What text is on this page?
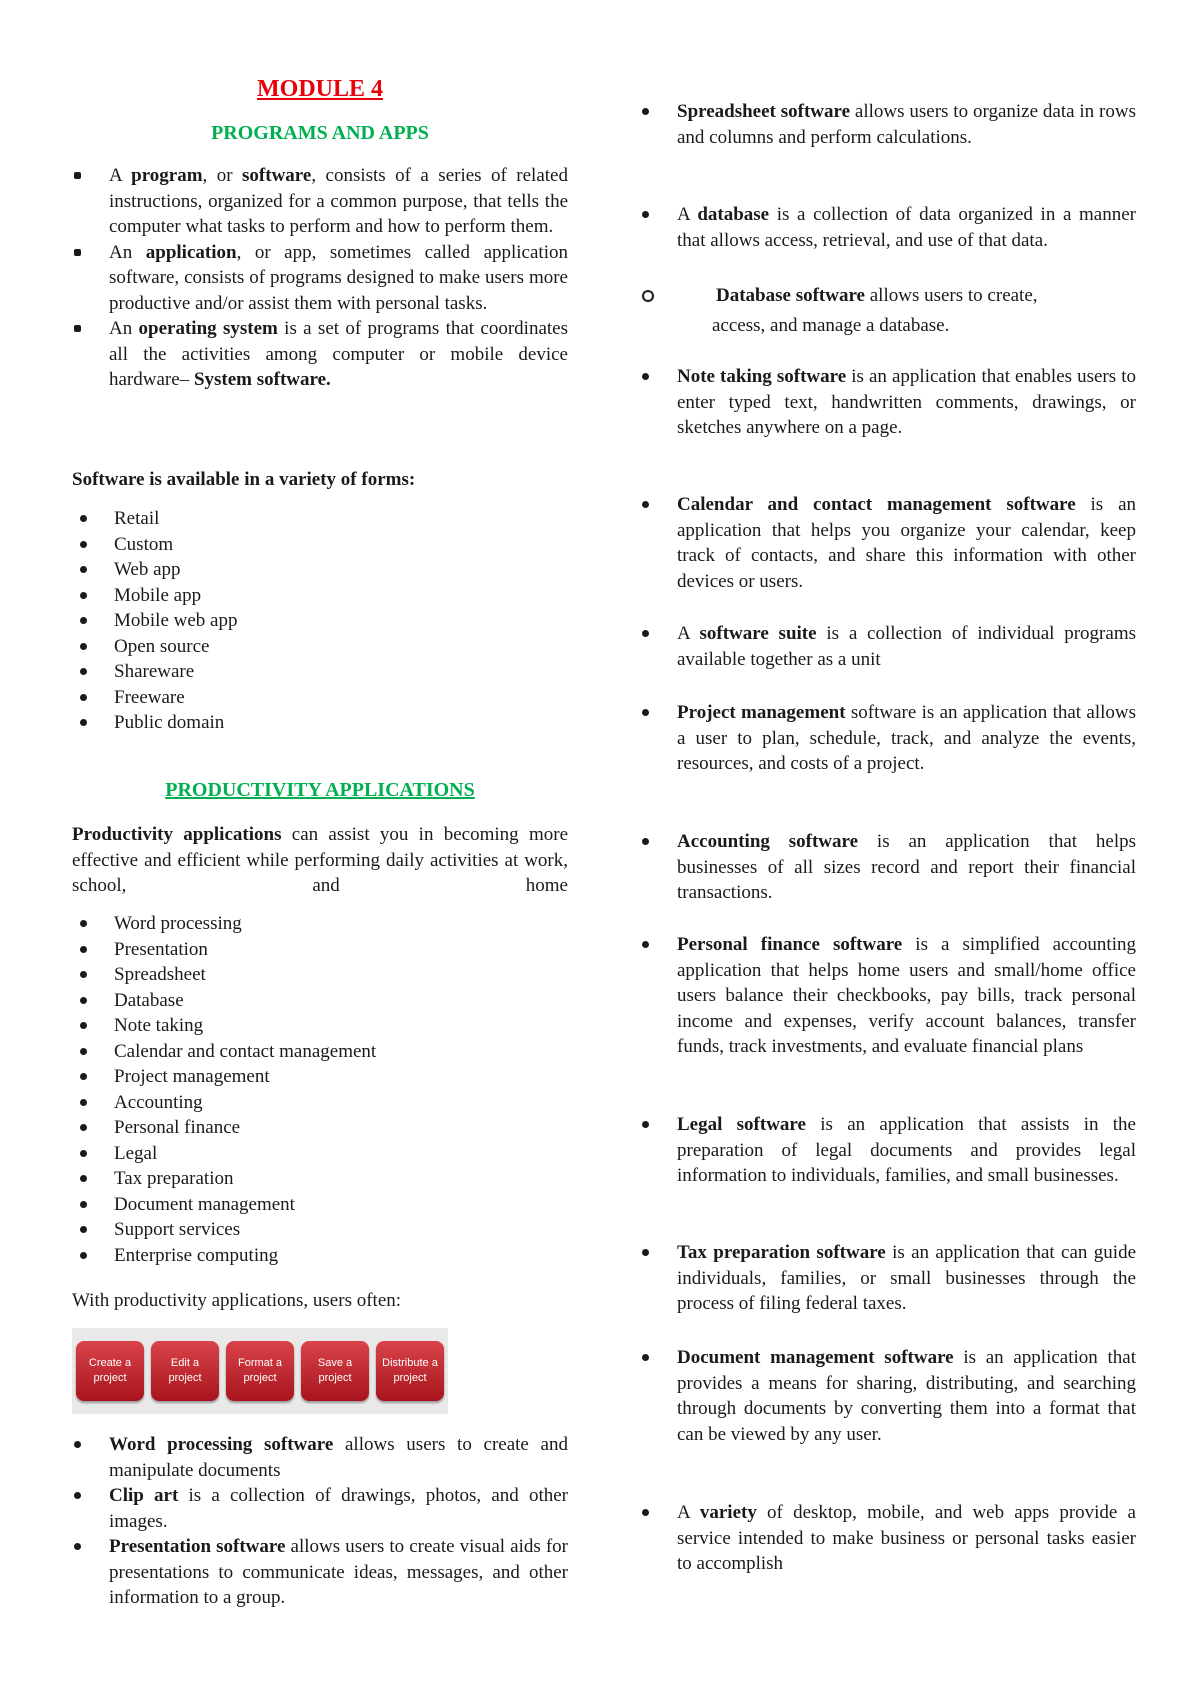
MODULE 4
PROGRAMS AND APPS
A program, or software, consists of a series of related instructions, organized for a common purpose, that tells the computer what tasks to perform and how to perform them.
An application, or app, sometimes called application software, consists of programs designed to make users more productive and/or assist them with personal tasks.
An operating system is a set of programs that coordinates all the activities among computer or mobile device hardware– System software.
Software is available in a variety of forms:
Retail
Custom
Web app
Mobile app
Mobile web app
Open source
Shareware
Freeware
Public domain
PRODUCTIVITY APPLICATIONS
Productivity applications can assist you in becoming more effective and efficient while performing daily activities at work, school, and home
Word processing
Presentation
Spreadsheet
Database
Note taking
Calendar and contact management
Project management
Accounting
Personal finance
Legal
Tax preparation
Document management
Support services
Enterprise computing
With productivity applications, users often:
Create a project
Edit a project
Format a project
Save a project
Distribute a project
Word processing software allows users to create and manipulate documents
Clip art is a collection of drawings, photos, and other images.
Presentation software allows users to create visual aids for presentations to communicate ideas, messages, and other information to a group.
Spreadsheet software allows users to organize data in rows and columns and perform calculations.
A database is a collection of data organized in a manner that allows access, retrieval, and use of that data.
Database software allows users to create,
access, and manage a database.
Note taking software is an application that enables users to enter typed text, handwritten comments, drawings, or sketches anywhere on a page.
Calendar and contact management software is an application that helps you organize your calendar, keep track of contacts, and share this information with other devices or users.
A software suite is a collection of individual programs available together as a unit
Project management software is an application that allows a user to plan, schedule, track, and analyze the events, resources, and costs of a project.
Accounting software is an application that helps businesses of all sizes record and report their financial transactions.
Personal finance software is a simplified accounting application that helps home users and small/home office users balance their checkbooks, pay bills, track personal income and expenses, verify account balances, transfer funds, track investments, and evaluate financial plans
Legal software is an application that assists in the preparation of legal documents and provides legal information to individuals, families, and small businesses.
Tax preparation software is an application that can guide individuals, families, or small businesses through the process of filing federal taxes.
Document management software is an application that provides a means for sharing, distributing, and searching through documents by converting them into a format that can be viewed by any user.
A variety of desktop, mobile, and web apps provide a service intended to make business or personal tasks easier to accomplish
